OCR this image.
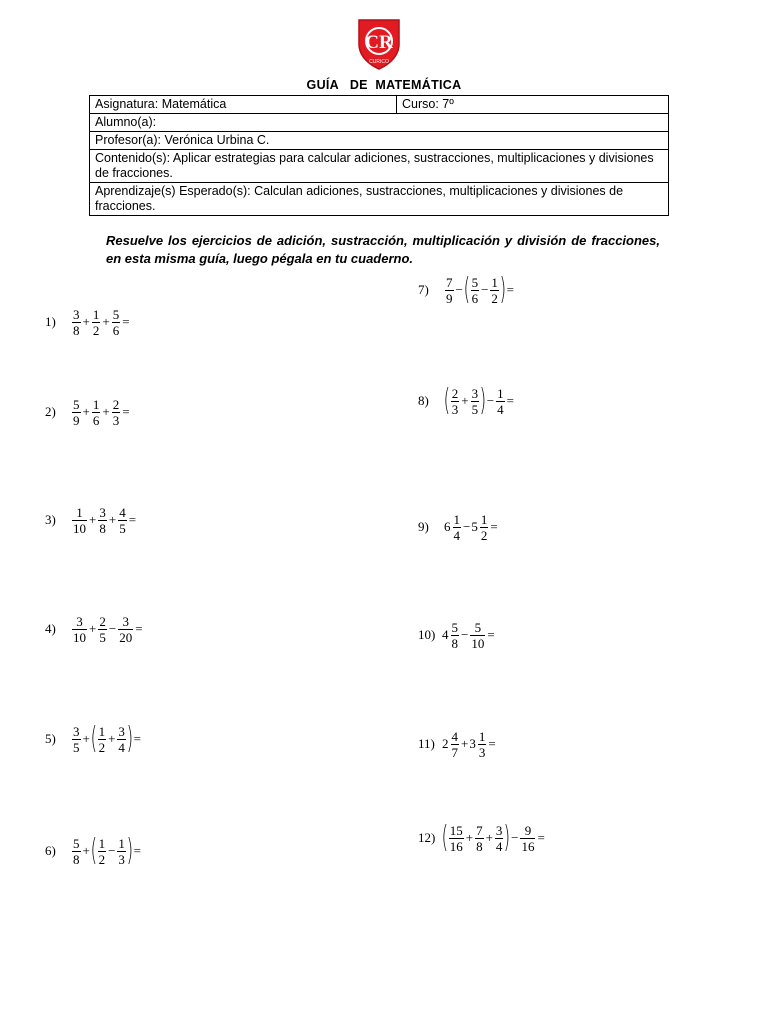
CR
CURICO
GUÍA   DE  MATEMÁTICA
Asignatura: Matemática	Curso: 7º
Alumno(a):
Profesor(a): Verónica Urbina C.
Contenido(s): Aplicar estrategias para calcular adiciones, sustracciones, multiplicaciones y divisiones de fracciones.
Aprendizaje(s) Esperado(s): Calculan adiciones, sustracciones, multiplicaciones y divisiones de fracciones.
Resuelve los ejercicios de adición, sustracción, multiplicación y división de fracciones, en esta misma guía, luego pégala en tu cuaderno.
1)	$\frac{3}{8} + \frac{1}{2} + \frac{5}{6}$ =
2)	$\frac{5}{9} + \frac{1}{6} + \frac{2}{3}$ =
3)	$\frac{1}{10} + \frac{3}{8} + \frac{4}{5}$ =
4)	$\frac{3}{10} + \frac{2}{5} - \frac{3}{20}$ =
5)	$\frac{3}{5}$ + ( $\frac{1}{2} + \frac{3}{4}$ ) =
6)	$\frac{5}{8}$ + ( $\frac{1}{2} - \frac{1}{3}$ ) =
7)	$\frac{7}{9}$ − ( $\frac{5}{6} - \frac{1}{2}$ ) =
8) ( $\frac{2}{3} + \frac{3}{5}$ ) − $\frac{1}{4}$ =
9)	$6 \frac{1}{4} - 5 \frac{1}{2}$ =
10) $4 \frac{5}{8} - \frac{5}{10}$ =
11) $2 \frac{4}{7} + 3 \frac{1}{3}$ =
12) ( $\frac{15}{16} + \frac{7}{8} + \frac{3}{4}$ ) − $\frac{9}{16}$ =
